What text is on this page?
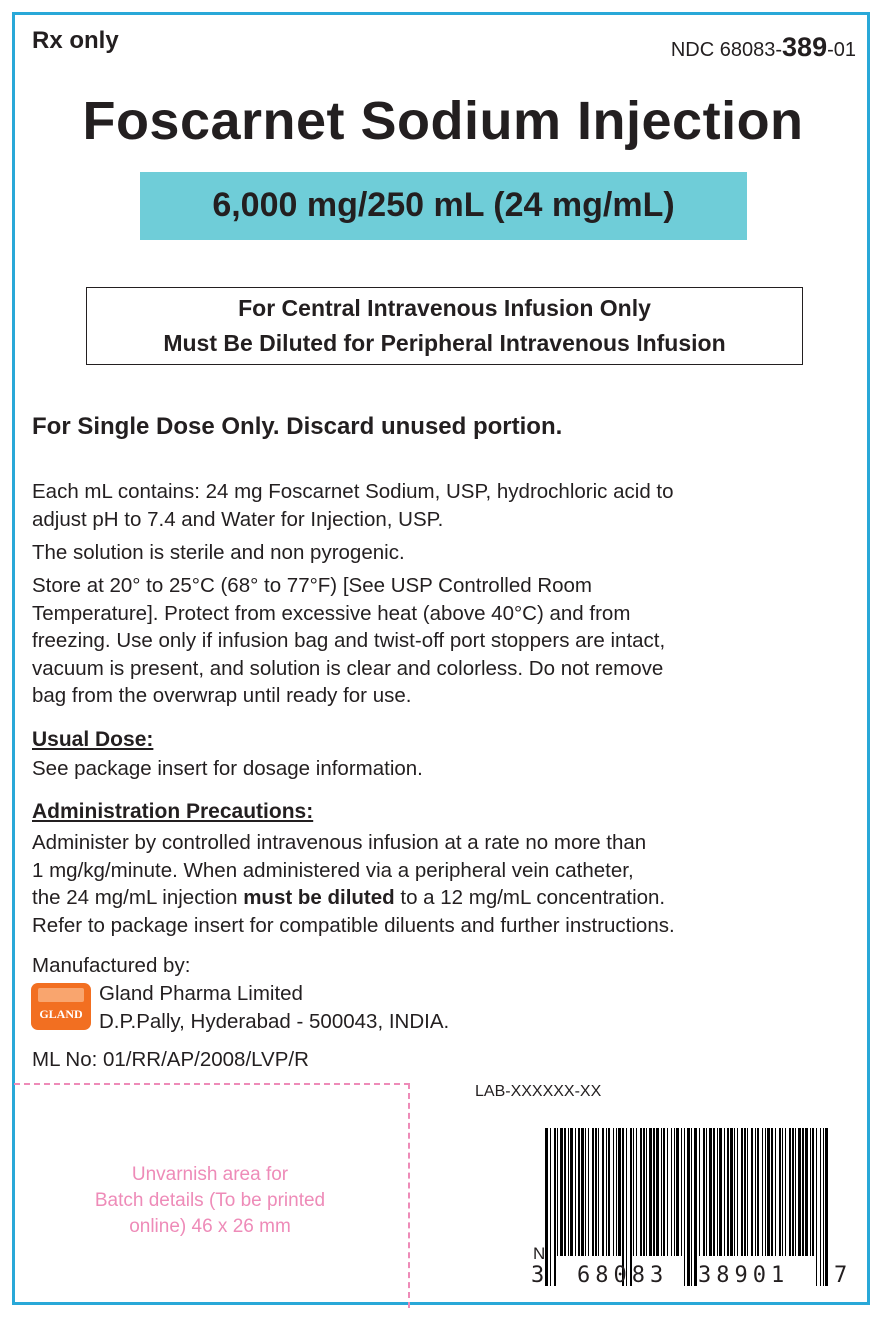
Rx only	NDC 68083-389-01
Foscarnet Sodium Injection
6,000 mg/250 mL (24 mg/mL)
For Central Intravenous Infusion Only
Must Be Diluted for Peripheral Intravenous Infusion
For Single Dose Only. Discard unused portion.
Each mL contains: 24 mg Foscarnet Sodium, USP, hydrochloric acid to
adjust pH to 7.4 and Water for Injection, USP.
The solution is sterile and non pyrogenic.
Store at 20° to 25°C (68° to 77°F) [See USP Controlled Room
Temperature]. Protect from excessive heat (above 40°C) and from
freezing. Use only if infusion bag and twist-off port stoppers are intact,
vacuum is present, and solution is clear and colorless. Do not remove
bag from the overwrap until ready for use.
Usual Dose:
See package insert for dosage information.
Administration Precautions:
Administer by controlled intravenous infusion at a rate no more than
1 mg/kg/minute. When administered via a peripheral vein catheter,
the 24 mg/mL injection must be diluted to a 12 mg/mL concentration.
Refer to package insert for compatible diluents and further instructions.
Manufactured by:
GLAND
Gland Pharma Limited
D.P.Pally, Hyderabad - 500043, INDIA.
ML No: 01/RR/AP/2008/LVP/R
Unvarnish area for
Batch details (To be printed
online) 46 x 26 mm
LAB-XXXXXX-XX
N
3 68083 38901 7
